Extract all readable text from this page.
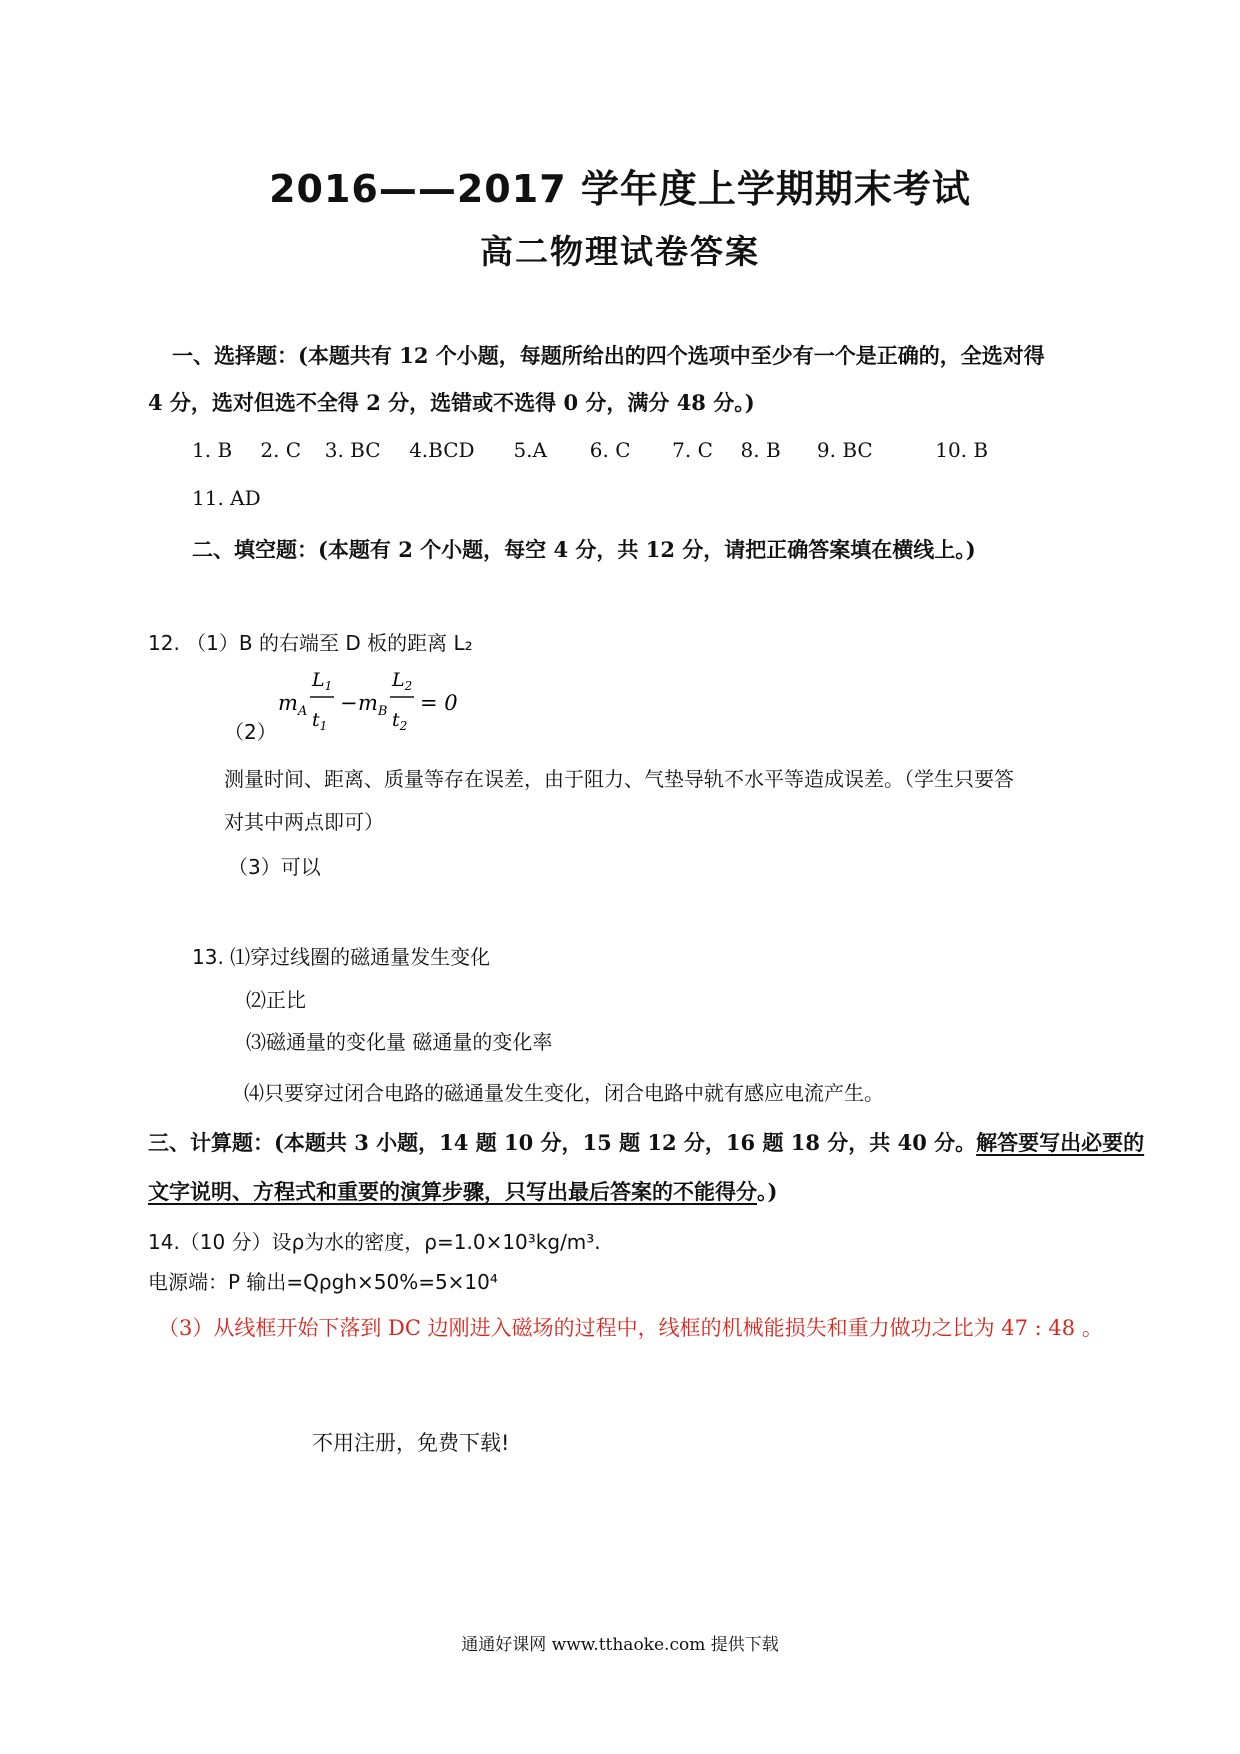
2016——2017 学年度上学期期末考试
高二物理试卷答案
一、选择题：(本题共有 12 个小题，每题所给出的四个选项中至少有一个是正确的，全选对得
4 分，选对但选不全得 2 分，选错或不选得 0 分，满分 48 分。)
1. B 2. C 3. BC 4.BCD 5.A 6. C 7. C 8. B 9. BC	10. B
11. AD
二、填空题：(本题有 2 个小题，每空 4 分，共 12 分，请把正确答案填在横线上。)
12. （1）B 的右端至 D 板的距离 L₂
（2）
$m_A$
$L_1$
$t_1$
− $m_B$
$L_2$
$t_2$
= 0
测量时间、距离、质量等存在误差，由于阻力、气垫导轨不水平等造成误差。（学生只要答
对其中两点即可）
（3）可以
13. ⑴穿过线圈的磁通量发生变化
⑵正比
⑶磁通量的变化量 磁通量的变化率
⑷只要穿过闭合电路的磁通量发生变化，闭合电路中就有感应电流产生。
三、计算题：(本题共 3 小题，14 题 10 分，15 题 12 分，16 题 18 分，共 40 分。解答要写出必要的
文字说明、方程式和重要的演算步骤，只写出最后答案的不能得分。)
14.（10 分）设ρ为水的密度，ρ=1.0×10³kg/m³.
电源端：P 输出=Qρgh×50%=5×10⁴
（3）从线框开始下落到 DC 边刚进入磁场的过程中，线框的机械能损失和重力做功之比为 47 : 48 。
不用注册，免费下载!
通通好课网 www.tthaoke.com 提供下载
